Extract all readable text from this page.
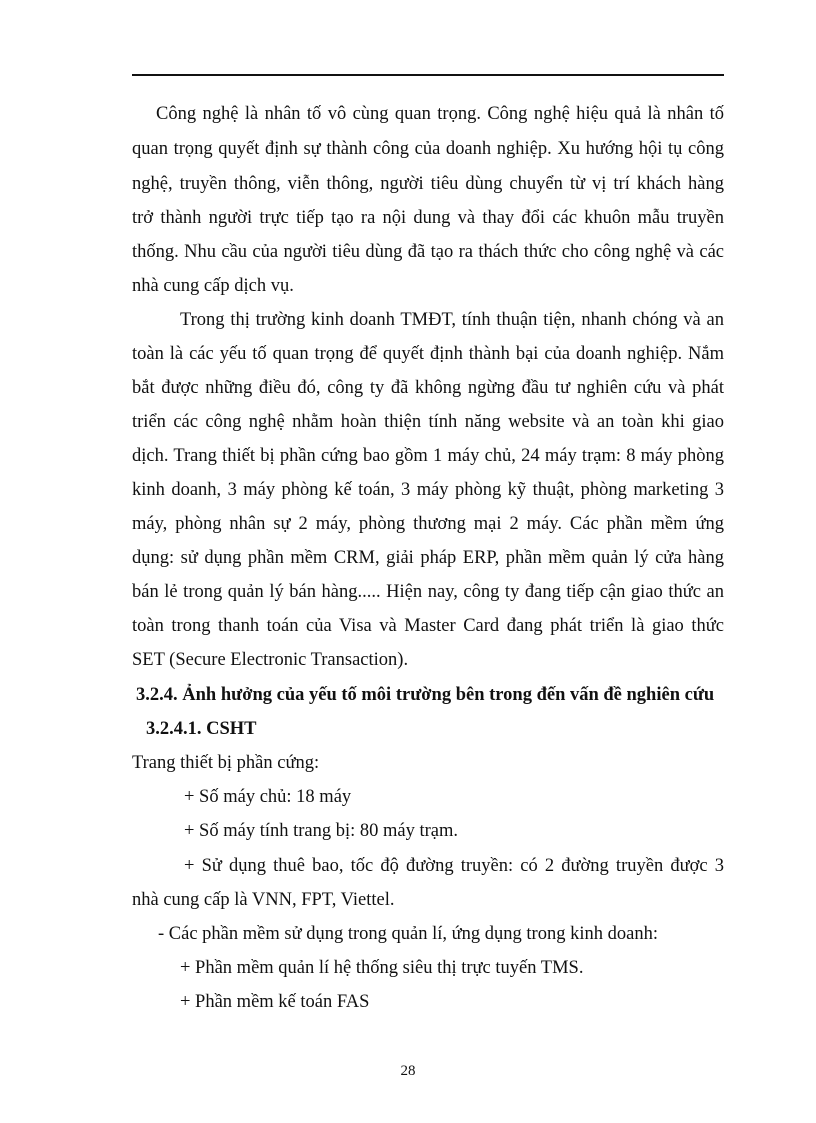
Công nghệ là nhân tố vô cùng quan trọng. Công nghệ hiệu quả là nhân tố
quan trọng quyết định sự thành công của doanh nghiệp. Xu hướng hội tụ công
nghệ, truyền thông, viễn thông, người tiêu dùng chuyển từ vị trí khách hàng
trở thành người trực tiếp tạo ra nội dung và thay đổi các khuôn mẫu truyền
thống. Nhu cầu của người tiêu dùng đã tạo ra thách thức cho công nghệ và các
nhà cung cấp dịch vụ.
Trong thị trường kinh doanh TMĐT, tính thuận tiện, nhanh chóng và an
toàn là các yếu tố quan trọng để quyết định thành bại của doanh nghiệp. Nắm
bắt được những điều đó, công ty đã không ngừng đầu tư nghiên cứu và phát
triển các công nghệ nhằm hoàn thiện tính năng website và an toàn khi giao
dịch. Trang thiết bị phần cứng bao gồm 1 máy chủ, 24 máy trạm: 8 máy phòng
kinh doanh, 3 máy phòng kế toán, 3 máy phòng kỹ thuật, phòng marketing 3
máy, phòng nhân sự 2 máy, phòng thương mại 2 máy. Các phần mềm ứng
dụng: sử dụng phần mềm CRM, giải pháp ERP, phần mềm quản lý cửa hàng
bán lẻ trong quản lý bán hàng..... Hiện nay, công ty đang tiếp cận giao thức an
toàn trong thanh toán của Visa và Master Card đang phát triển là giao thức
SET (Secure Electronic Transaction).
3.2.4. Ảnh hưởng của yếu tố môi trường bên trong đến vấn đề nghiên cứu
3.2.4.1. CSHT
Trang thiết bị phần cứng:
+ Số máy chủ: 18 máy
+ Số máy tính trang bị: 80 máy trạm.
+ Sử dụng thuê bao, tốc độ đường truyền: có 2 đường truyền được 3
nhà cung cấp là VNN, FPT, Viettel.
- Các phần mềm sử dụng trong quản lí, ứng dụng trong kinh doanh:
+ Phần mềm quản lí hệ thống siêu thị trực tuyến TMS.
+ Phần mềm kế toán FAS
28
